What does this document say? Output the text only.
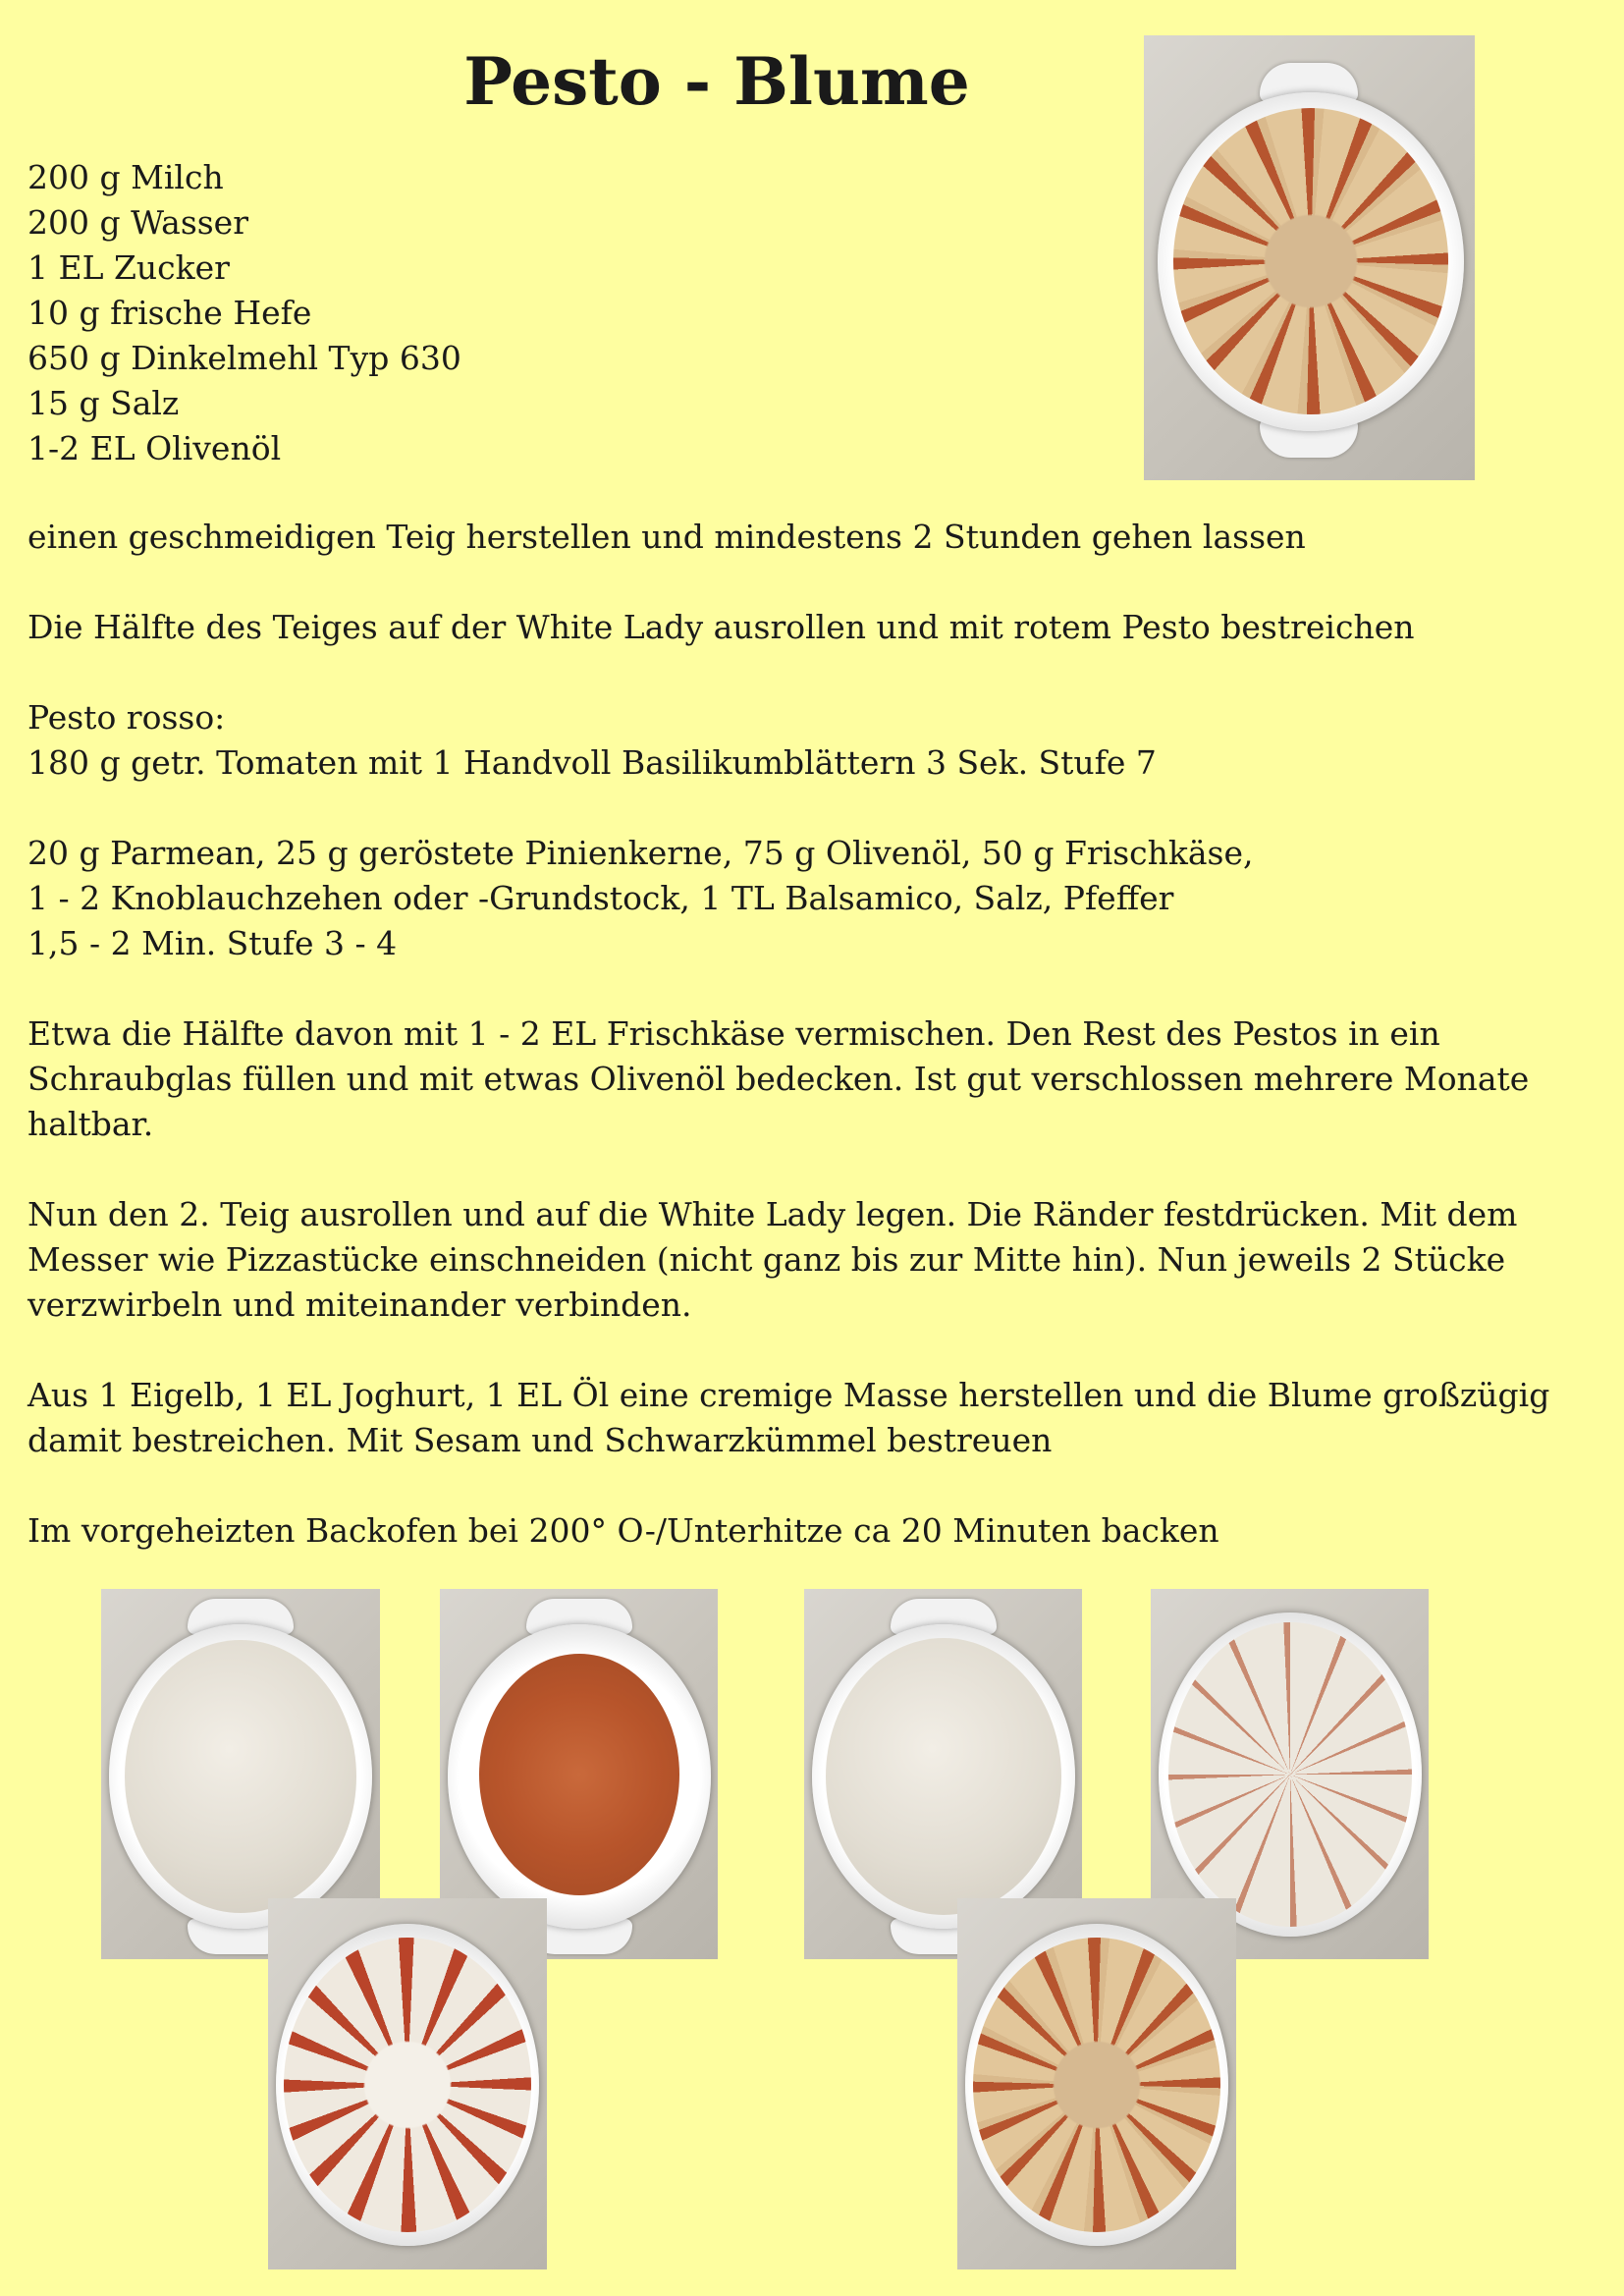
Pesto - Blume
200 g Milch
200 g Wasser
1 EL Zucker
10 g frische Hefe
650 g Dinkelmehl Typ 630
15 g Salz
1-2 EL Olivenöl

einen geschmeidigen Teig herstellen und mindestens 2 Stunden gehen lassen

Die Hälfte des Teiges auf der White Lady ausrollen und mit rotem Pesto bestreichen

Pesto rosso:

180 g getr. Tomaten mit 1 Handvoll Basilikumblättern 3 Sek. Stufe 7

20 g Parmean, 25 g geröstete Pinienkerne, 75 g Olivenöl, 50 g Frischkäse,

1 - 2 Knoblauchzehen oder -Grundstock, 1 TL Balsamico, Salz, Pfeffer

1,5 - 2 Min. Stufe 3 - 4

Etwa die Hälfte davon mit 1 - 2 EL Frischkäse vermischen. Den Rest des Pestos in ein Schraubglas füllen und mit etwas Olivenöl bedecken. Ist gut verschlossen mehrere Monate haltbar.

Nun den 2. Teig ausrollen und auf die White Lady legen. Die Ränder festdrücken. Mit dem Messer wie Pizzastücke einschneiden (nicht ganz bis zur Mitte hin). Nun jeweils 2 Stücke verzwirbeln und miteinander verbinden.

Aus 1 Eigelb, 1 EL Joghurt, 1 EL Öl eine cremige Masse herstellen und die Blume großzügig damit bestreichen. Mit Sesam und Schwarzkümmel bestreuen

Im vorgeheizten Backofen bei 200° O-/Unterhitze ca 20 Minuten backen
